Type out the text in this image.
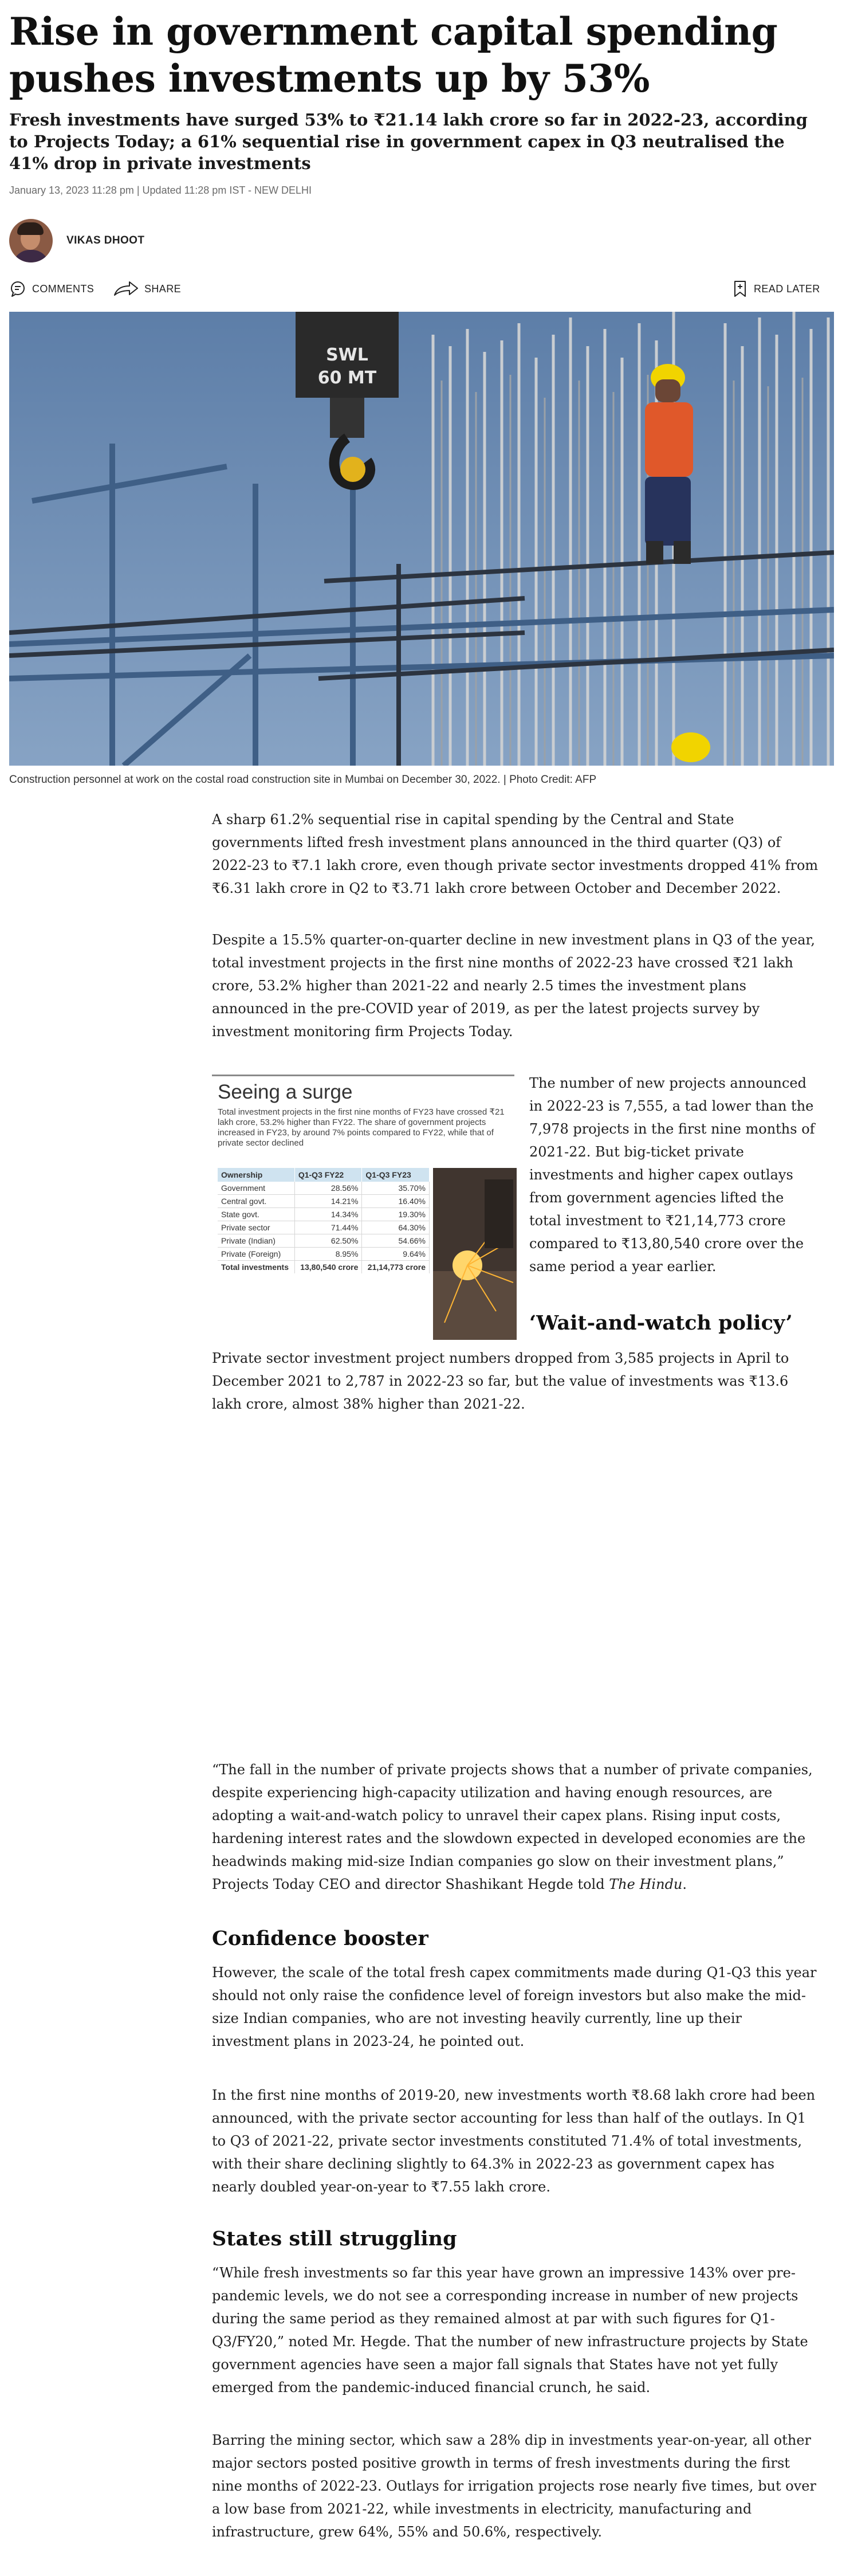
Rise in government capital spending pushes investments up by 53%

Fresh investments have surged 53% to ₹21.14 lakh crore so far in 2022-23, according to Projects Today; a 61% sequential rise in government capex in Q3 neutralised the 41% drop in private investments

January 13, 2023 11:28 pm | Updated 11:28 pm IST - NEW DELHI
VIKAS DHOOT
COMMENTS	SHARE	READ LATER
SWL
60 MT

Construction personnel at work on the costal road construction site in Mumbai on December 30, 2022. | Photo Credit: AFP

A sharp 61.2% sequential rise in capital spending by the Central and State governments lifted fresh investment plans announced in the third quarter (Q3) of 2022-23 to ₹7.1 lakh crore, even though private sector investments dropped 41% from ₹6.31 lakh crore in Q2 to ₹3.71 lakh crore between October and December 2022.

Despite a 15.5% quarter-on-quarter decline in new investment plans in Q3 of the year, total investment projects in the first nine months of 2022-23 have crossed ₹21 lakh crore, 53.2% higher than 2021-22 and nearly 2.5 times the investment plans announced in the pre-COVID year of 2019, as per the latest projects survey by investment monitoring firm Projects Today.

Seeing a surge
Total investment projects in the first nine months of FY23 have crossed ₹21 lakh crore, 53.2% higher than FY22. The share of government projects increased in FY23, by around 7% points compared to FY22, while that of private sector declined
Ownership	Q1-Q3 FY22	Q1-Q3 FY23
Government	28.56%	35.70%
Central govt.	14.21%	16.40%
State govt.	14.34%	19.30%
Private sector	71.44%	64.30%
Private (Indian)	62.50%	54.66%
Private (Foreign)	8.95%	9.64%
Total investments	13,80,540 crore	21,14,773 crore

The number of new projects announced in 2022-23 is 7,555, a tad lower than the 7,978 projects in the first nine months of 2021-22. But big-ticket private investments and higher capex outlays from government agencies lifted the total investment to ₹21,14,773 crore compared to ₹13,80,540 crore over the same period a year earlier.

‘Wait-and-watch policy’

Private sector investment project numbers dropped from 3,585 projects in April to December 2021 to 2,787 in 2022-23 so far, but the value of investments was ₹13.6 lakh crore, almost 38% higher than 2021-22.

“The fall in the number of private projects shows that a number of private companies, despite experiencing high-capacity utilization and having enough resources, are adopting a wait-and-watch policy to unravel their capex plans. Rising input costs, hardening interest rates and the slowdown expected in developed economies are the headwinds making mid-size Indian companies go slow on their investment plans,” Projects Today CEO and director Shashikant Hegde told The Hindu.

Confidence booster

However, the scale of the total fresh capex commitments made during Q1-Q3 this year should not only raise the confidence level of foreign investors but also make the mid-size Indian companies, who are not investing heavily currently, line up their investment plans in 2023-24, he pointed out.

In the first nine months of 2019-20, new investments worth ₹8.68 lakh crore had been announced, with the private sector accounting for less than half of the outlays. In Q1 to Q3 of 2021-22, private sector investments constituted 71.4% of total investments, with their share declining slightly to 64.3% in 2022-23 as government capex has nearly doubled year-on-year to ₹7.55 lakh crore.

States still struggling

“While fresh investments so far this year have grown an impressive 143% over pre-pandemic levels, we do not see a corresponding increase in number of new projects during the same period as they remained almost at par with such figures for Q1-Q3/FY20,” noted Mr. Hegde. That the number of new infrastructure projects by State government agencies have seen a major fall signals that States have not yet fully emerged from the pandemic-induced financial crunch, he said.

Barring the mining sector, which saw a 28% dip in investments year-on-year, all other major sectors posted positive growth in terms of fresh investments during the first nine months of 2022-23. Outlays for irrigation projects rose nearly five times, but over a low base from 2021-22, while investments in electricity, manufacturing and infrastructure, grew 64%, 55% and 50.6%, respectively.
